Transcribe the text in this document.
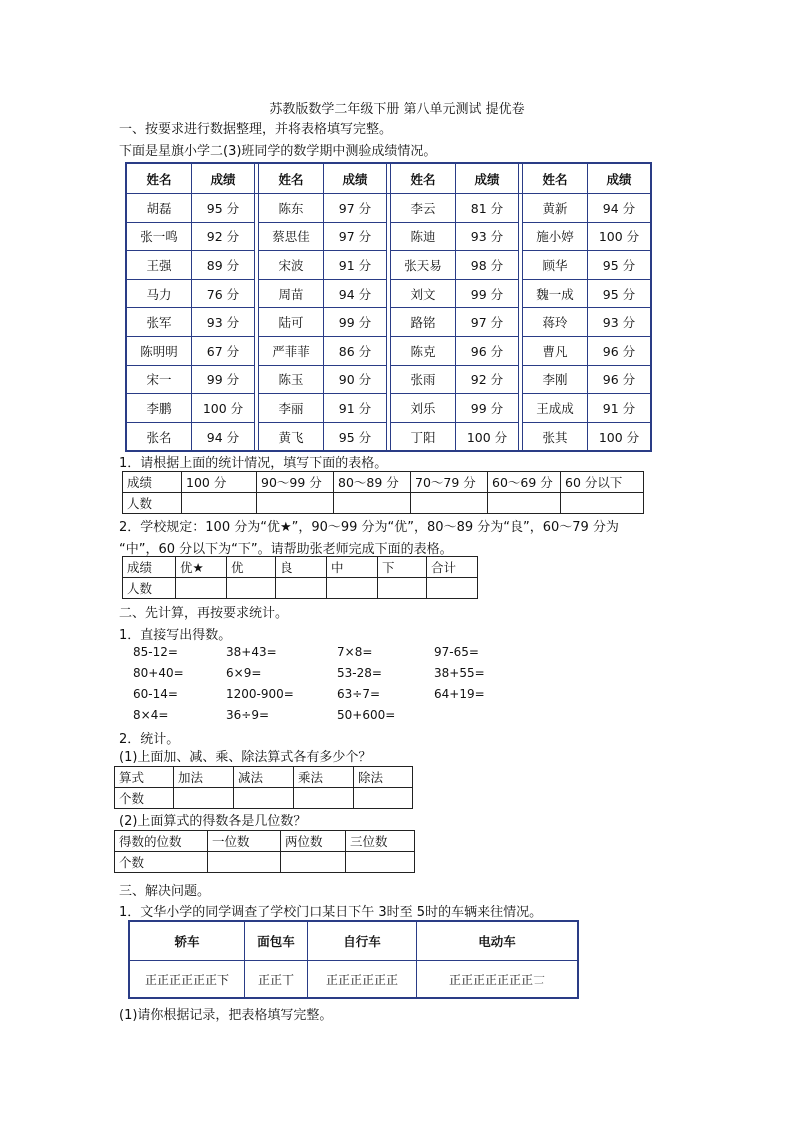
苏教版数学二年级下册 第八单元测试 提优卷
一、按要求进行数据整理，并将表格填写完整。
下面是星旗小学二(3)班同学的数学期中测验成绩情况。
姓名	成绩		姓名	成绩		姓名	成绩		姓名	成绩
胡磊	95 分		陈东	97 分		李云	81 分		黄新	94 分
张一鸣	92 分		蔡思佳	97 分		陈迪	93 分		施小婷	100 分
王强	89 分		宋波	91 分		张天易	98 分		顾华	95 分
马力	76 分		周苗	94 分		刘文	99 分		魏一成	95 分
张军	93 分		陆可	99 分		路铭	97 分		蒋玲	93 分
陈明明	67 分		严菲菲	86 分		陈克	96 分		曹凡	96 分
宋一	99 分		陈玉	90 分		张雨	92 分		李刚	96 分
李鹏	100 分		李丽	91 分		刘乐	99 分		王成成	91 分
张名	94 分		黄飞	95 分		丁阳	100 分		张其	100 分
1．请根据上面的统计情况，填写下面的表格。
成绩	100 分	90～99 分	80～89 分	70～79 分	60～69 分	60 分以下
人数						
2．学校规定：100 分为“优★”，90～99 分为“优”，80～89 分为“良”，60～79 分为
“中”，60 分以下为“下”。请帮助张老师完成下面的表格。
成绩	优★	优	良	中	下	合计
人数						
二、先计算，再按要求统计。
1．直接写出得数。
85-12=	38+43=	7×8=	97-65=
80+40=	6×9=	53-28=	38+55=
60-14=	1200-900=	63÷7=	64+19=
8×4=	36÷9=	50+600=
2．统计。
(1)上面加、减、乘、除法算式各有多少个？
算式	加法	减法	乘法	除法
个数				
(2)上面算式的得数各是几位数？
得数的位数	一位数	两位数	三位数
个数			
三、解决问题。
1．文华小学的同学调查了学校门口某日下午 3时至 5时的车辆来往情况。
轿车	面包车	自行车	电动车
正正正正正正下	正正丅	正正正正正正	正正正正正正正𠄟
(1)请你根据记录，把表格填写完整。
